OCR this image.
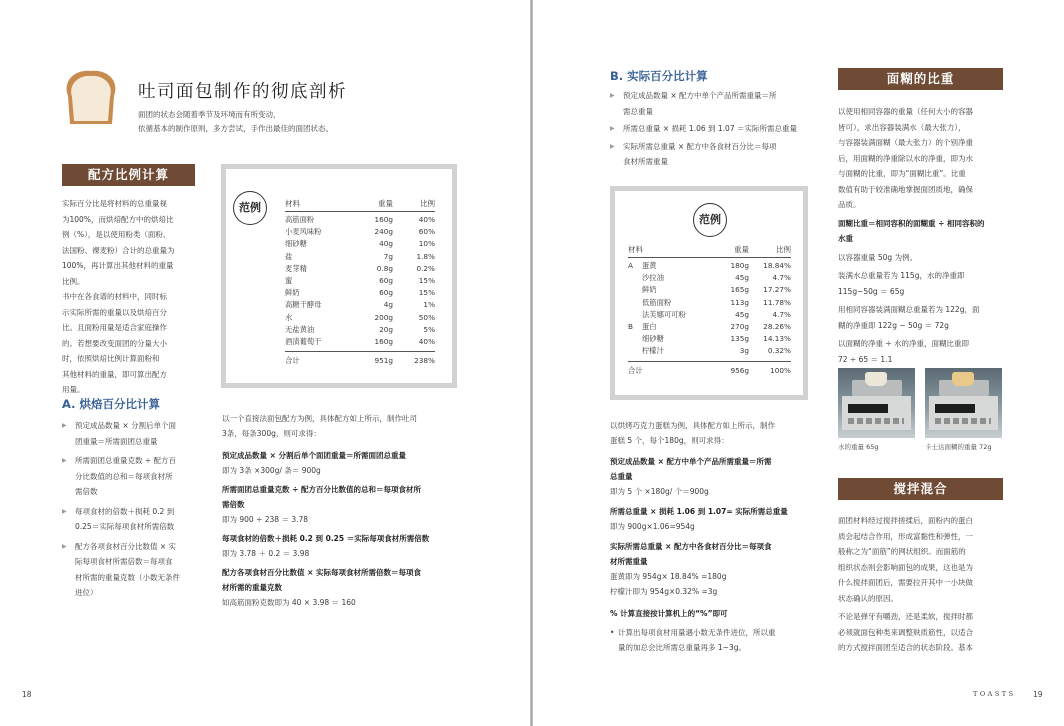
吐司面包制作的彻底剖析
面团的状态会随着季节及环境而有所变动，
依循基本的制作原则，多方尝试，手作出最佳的面团状态。
配方比例计算
实际百分比是将材料的总重量视
为100%，而烘焙配方中的烘焙比
例（%），是以使用粉类（面粉、
法国粉、裸麦粉）合计的总重量为
100%，再计算出其他材料的重量
比例。
书中在各食谱的材料中，同时标
示实际所需的重量以及烘焙百分
比。且面粉用量是适合家庭操作
的。若想要改变面团的分量大小
时，依照烘焙比例计算面粉和
其他材料的重量，即可算出配方
用量。
A. 烘焙百分比计算
▶ 预定成品数量 × 分割后单个面
团重量＝所需面团总重量
▶ 所需面团总重量克数 ÷ 配方百
分比数值的总和＝每项食材所
需倍数
▶ 每项食材的倍数＋损耗 0.2 到
0.25＝实际每项食材所需倍数
▶ 配方各项食材百分比数值 × 实
际每项食材所需倍数＝每项食
材所需的重量克数（小数无条件
进位）
范例	材料	重量	比例
高筋面粉	160g	40%
小麦风味粉	240g	60%
细砂糖	40g	10%
盐	7g	1.8%
麦芽精	0.8g	0.2%
蜜	60g	15%
鲜奶	60g	15%
高糖干酵母	4g	1%
水	200g	50%
无盐黄油	20g	5%
酒渍葡萄干	160g	40%
合计	951g	238%
以一个直接法面包配方为例，具体配方如上所示，制作吐司
3条，每条300g，则可求得：
预定成品数量 × 分割后单个面团重量＝所需面团总重量
即为 3条 ×300g/ 条＝ 900g
所需面团总重量克数 ÷ 配方百分比数值的总和＝每项食材所
需倍数
即为 900 ÷ 238 ＝ 3.78
每项食材的倍数＋损耗 0.2 到 0.25 ＝实际每项食材所需倍数
即为 3.78 ＋ 0.2 ＝ 3.98
配方各项食材百分比数值 × 实际每项食材所需倍数＝每项食
材所需的重量克数
如高筋面粉克数即为 40 × 3.98 ＝ 160
18
B. 实际百分比计算
▶ 预定成品数量 × 配方中单个产品所需重量＝所
需总重量
▶ 所需总重量 × 损耗 1.06 到 1.07 ＝实际所需总重量
▶ 实际所需总重量 × 配方中各食材百分比＝每项
食材所需重量
范例
材料	重量	比例
A	蛋黄	180g	18.84%
沙拉油	45g	4.7%
鲜奶	165g	17.27%
低筋面粉	113g	11.78%
法芙娜可可粉	45g	4.7%
B	蛋白	270g	28.26%
细砂糖	135g	14.13%
柠檬汁	3g	0.32%
合计	956g	100%
以烘烤巧克力蛋糕为例，具体配方如上所示，制作
蛋糕 5 个，每个180g，则可求得：
预定成品数量 × 配方中单个产品所需重量＝所需
总重量
即为 5 个 ×180g/ 个＝900g
所需总重量 × 损耗 1.06 到 1.07= 实际所需总重量
即为 900g×1.06=954g
实际所需总重量 × 配方中各食材百分比＝每项食
材所需重量
蛋黄即为 954g× 18.84% =180g
柠檬汁即为 954g×0.32% =3g
% 计算直接按计算机上的“%”即可
• 计算出每项食材用量遇小数无条件进位，所以重
量的加总会比所需总重量再多 1~3g。
面糊的比重
以使用相同容器的重量（任何大小的容器
皆可），求出容器装满水（最大张力），
与容器装满面糊（最大张力）的个别净重
后，用面糊的净重除以水的净重，即为水
与面糊的比重，即为“面糊比重”。比重
数值有助于较准确地掌握面团质地，确保
品质。
面糊比重＝相同容积的面糊重 ÷ 相同容积的
水重
以容器重量 50g 为例。
装满水总重量若为 115g，水的净重即
115g−50g ＝ 65g
用相同容器装满面糊总重量若为 122g，面
糊的净重即 122g − 50g ＝ 72g
以面糊的净重 ÷ 水的净重，面糊比重即
72 ÷ 65 ＝ 1.1
水的重量 65g	卡士达面糊的重量 72g
搅拌混合
面团材料经过搅拌搓揉后，面粉内的蛋白
质会起结合作用，形成富黏性和弹性，一
般称之为“面筋”的网状组织。而面筋的
组织状态则会影响面包的成果，这也是为
什么搅拌面团后，需要拉开其中一小块做
状态确认的原因。
不论是弹牙有嚼劲，还是柔软，搅拌时都
必须就面包种类来调整麸质筋性，以适合
的方式搅拌面团至适合的状态阶段。基本
TOASTS 19
